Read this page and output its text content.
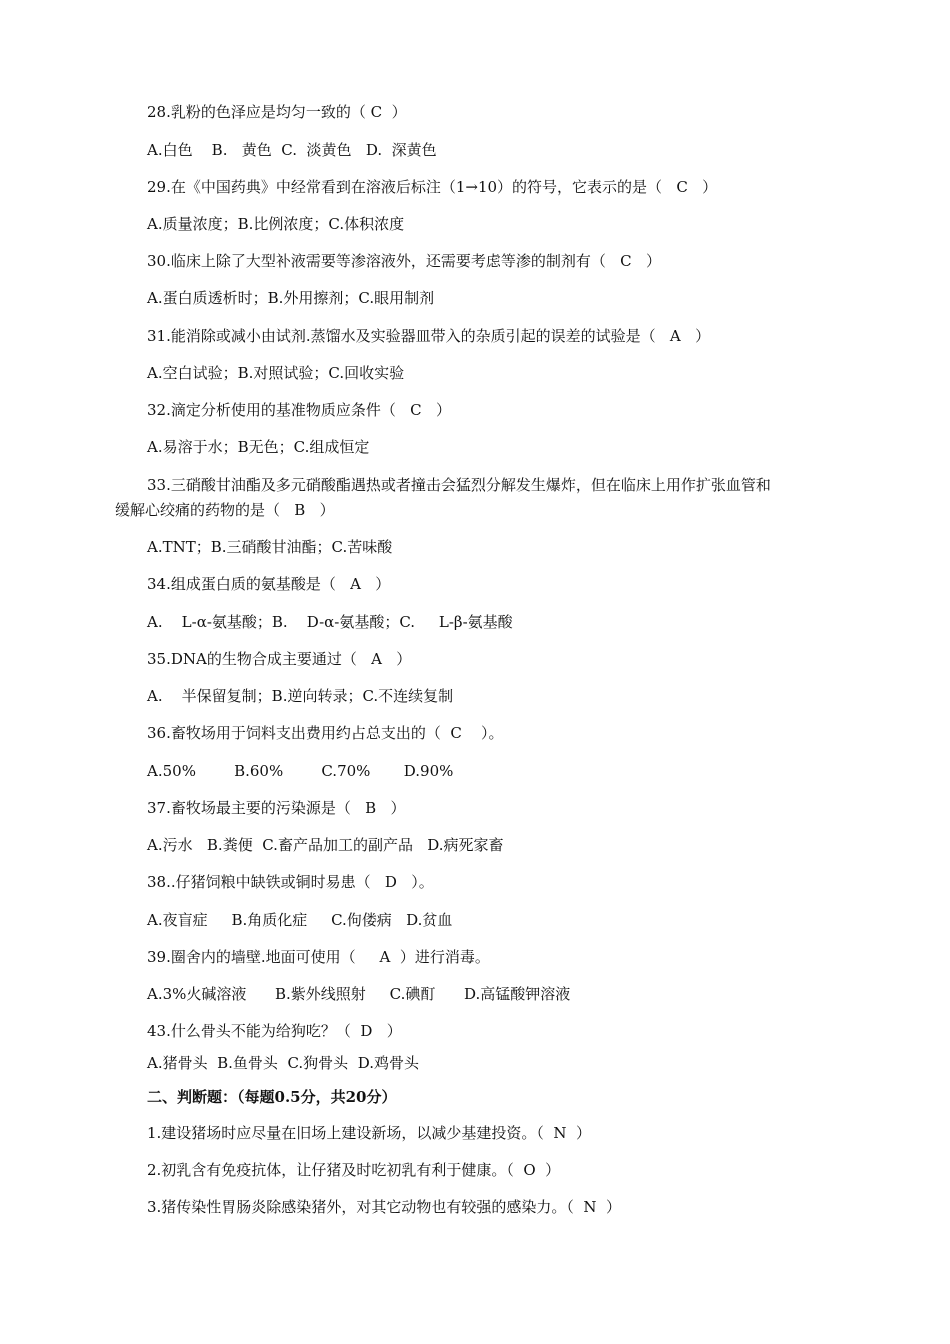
28.乳粉的色泽应是均匀一致的（ C  ）
A.白色    B.   黄色  C.  淡黄色   D.  深黄色
29.在《中国药典》中经常看到在溶液后标注（1→10）的符号，它表示的是（   C   ）
A.质量浓度；B.比例浓度；C.体积浓度
30.临床上除了大型补液需要等渗溶液外，还需要考虑等渗的制剂有（   C   ）
A.蛋白质透析时；B.外用擦剂；C.眼用制剂
31.能消除或减小由试剂.蒸馏水及实验器皿带入的杂质引起的误差的试验是（   A   ）
A.空白试验；B.对照试验；C.回收实验
32.滴定分析使用的基准物质应条件（   C   ）
A.易溶于水；B无色；C.组成恒定
33.三硝酸甘油酯及多元硝酸酯遇热或者撞击会猛烈分解发生爆炸，但在临床上用作扩张血管和
缓解心绞痛的药物的是（   B   ）
A.TNT；B.三硝酸甘油酯；C.苦味酸
34.组成蛋白质的氨基酸是（   A   ）
A.    L-α-氨基酸；B.    D-α-氨基酸；C.     L-β-氨基酸
35.DNA的生物合成主要通过（   A   ）
A.    半保留复制；B.逆向转录；C.不连续复制
36.畜牧场用于饲料支出费用约占总支出的（  C    ）。
A.50%        B.60%        C.70%       D.90%
37.畜牧场最主要的污染源是（   B   ）
A.污水   B.粪便  C.畜产品加工的副产品   D.病死家畜
38..仔猪饲粮中缺铁或铜时易患（   D   ）。
A.夜盲症     B.角质化症     C.佝偻病   D.贫血
39.圈舍内的墙壁.地面可使用（     A  ）进行消毒。
A.3%火碱溶液      B.紫外线照射     C.碘酊      D.高锰酸钾溶液
43.什么骨头不能为给狗吃？（  D   ）
A.猪骨头  B.鱼骨头  C.狗骨头  D.鸡骨头
二、判断题：（每题0.5分，共20分）
1.建设猪场时应尽量在旧场上建设新场，以减少基建投资。（  N  ）
2.初乳含有免疫抗体，让仔猪及时吃初乳有利于健康。（  O  ）
3.猪传染性胃肠炎除感染猪外，对其它动物也有较强的感染力。（  N  ）
